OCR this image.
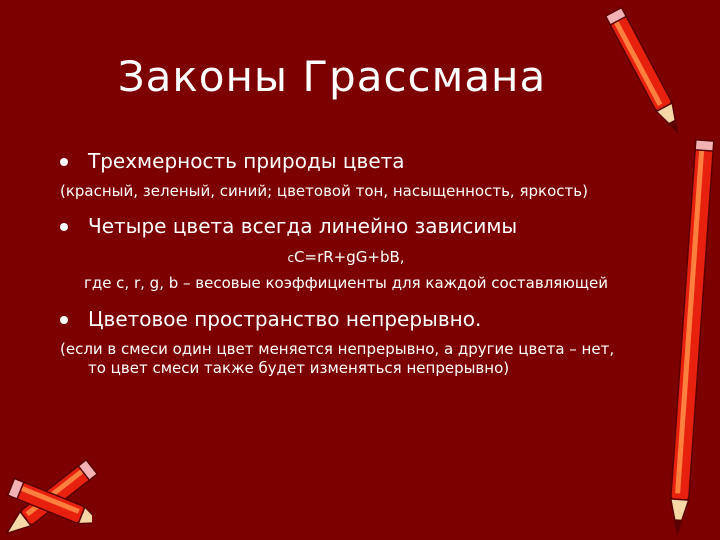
Законы Грассмана
Трехмерность природы цвета
(красный, зеленый, синий; цветовой тон, насыщенность, яркость)
Четыре цвета всегда линейно зависимы
cC=rR+gG+bB,
где c, r, g, b – весовые коэффициенты для каждой составляющей
Цветовое пространство непрерывно.
(если в смеси один цвет меняется непрерывно, а другие цвета – нет, то цвет смеси также будет изменяться непрерывно)
